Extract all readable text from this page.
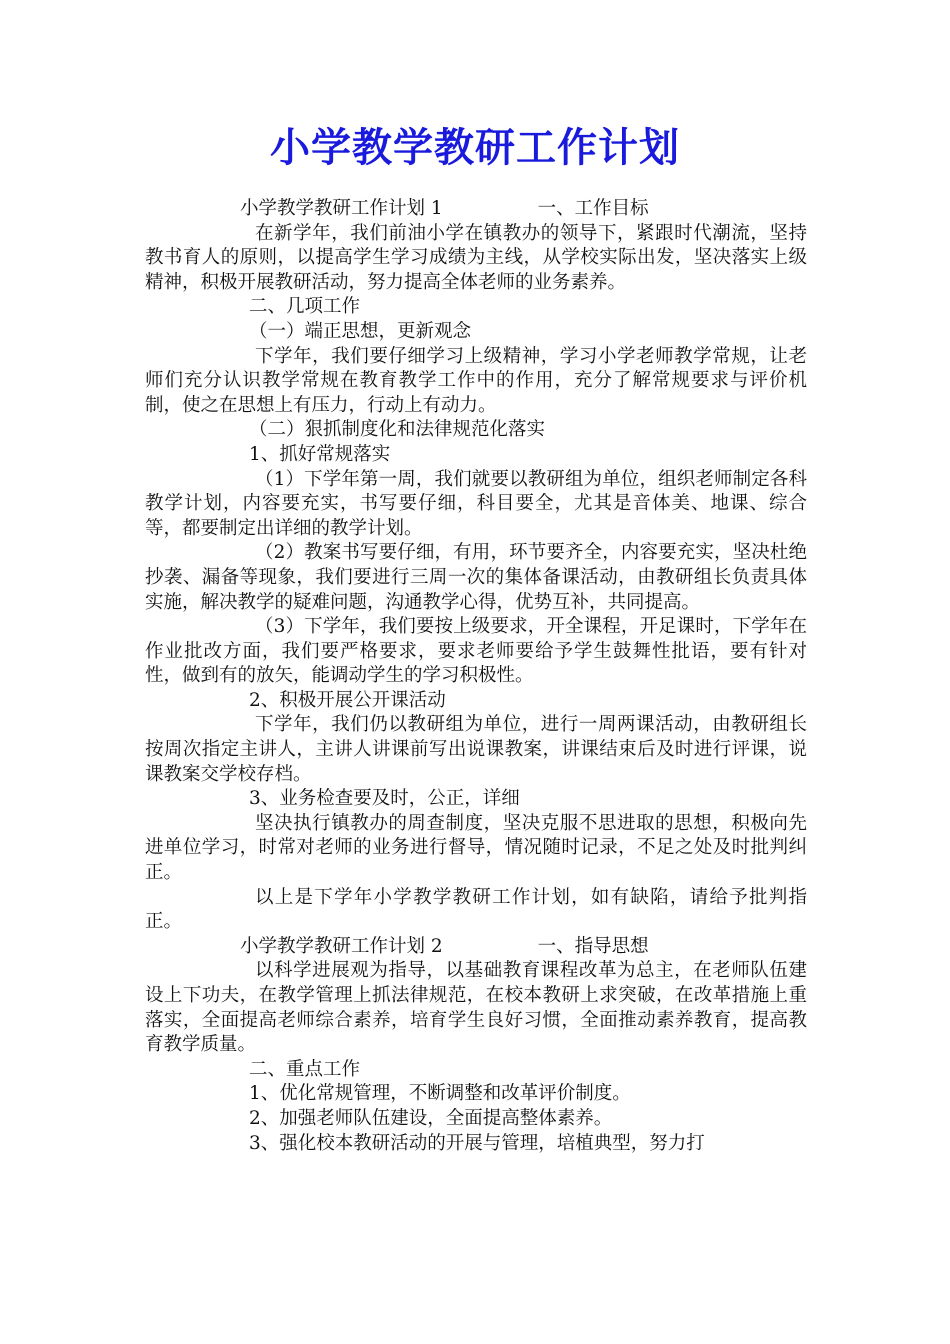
小学教学教研工作计划

小学教学教研工作计划 1	一、工作目标

在新学年，我们前油小学在镇教办的领导下，紧跟时代潮流，坚持教书育人的原则，以提高学生学习成绩为主线，从学校实际出发，坚决落实上级精神，积极开展教研活动，努力提高全体老师的业务素养。

二、几项工作

（一）端正思想，更新观念

下学年，我们要仔细学习上级精神，学习小学老师教学常规，让老师们充分认识教学常规在教育教学工作中的作用，充分了解常规要求与评价机制，使之在思想上有压力，行动上有动力。

（二）狠抓制度化和法律规范化落实

1、抓好常规落实

（1）下学年第一周，我们就要以教研组为单位，组织老师制定各科教学计划，内容要充实，书写要仔细，科目要全，尤其是音体美、地课、综合等，都要制定出详细的教学计划。

（2）教案书写要仔细，有用，环节要齐全，内容要充实，坚决杜绝抄袭、漏备等现象，我们要进行三周一次的集体备课活动，由教研组长负责具体实施，解决教学的疑难问题，沟通教学心得，优势互补，共同提高。

（3）下学年，我们要按上级要求，开全课程，开足课时，下学年在作业批改方面，我们要严格要求，要求老师要给予学生鼓舞性批语，要有针对性，做到有的放矢，能调动学生的学习积极性。

2、积极开展公开课活动

下学年，我们仍以教研组为单位，进行一周两课活动，由教研组长按周次指定主讲人，主讲人讲课前写出说课教案，讲课结束后及时进行评课，说课教案交学校存档。

3、业务检查要及时，公正，详细

坚决执行镇教办的周查制度，坚决克服不思进取的思想，积极向先进单位学习，时常对老师的业务进行督导，情况随时记录，不足之处及时批判纠正。

以上是下学年小学教学教研工作计划，如有缺陷，请给予批判指正。

小学教学教研工作计划 2	一、指导思想

以科学进展观为指导，以基础教育课程改革为总主，在老师队伍建设上下功夫，在教学管理上抓法律规范，在校本教研上求突破，在改革措施上重落实，全面提高老师综合素养，培育学生良好习惯，全面推动素养教育，提高教育教学质量。

二、重点工作

1、优化常规管理，不断调整和改革评价制度。

2、加强老师队伍建设，全面提高整体素养。

3、强化校本教研活动的开展与管理，培植典型，努力打
